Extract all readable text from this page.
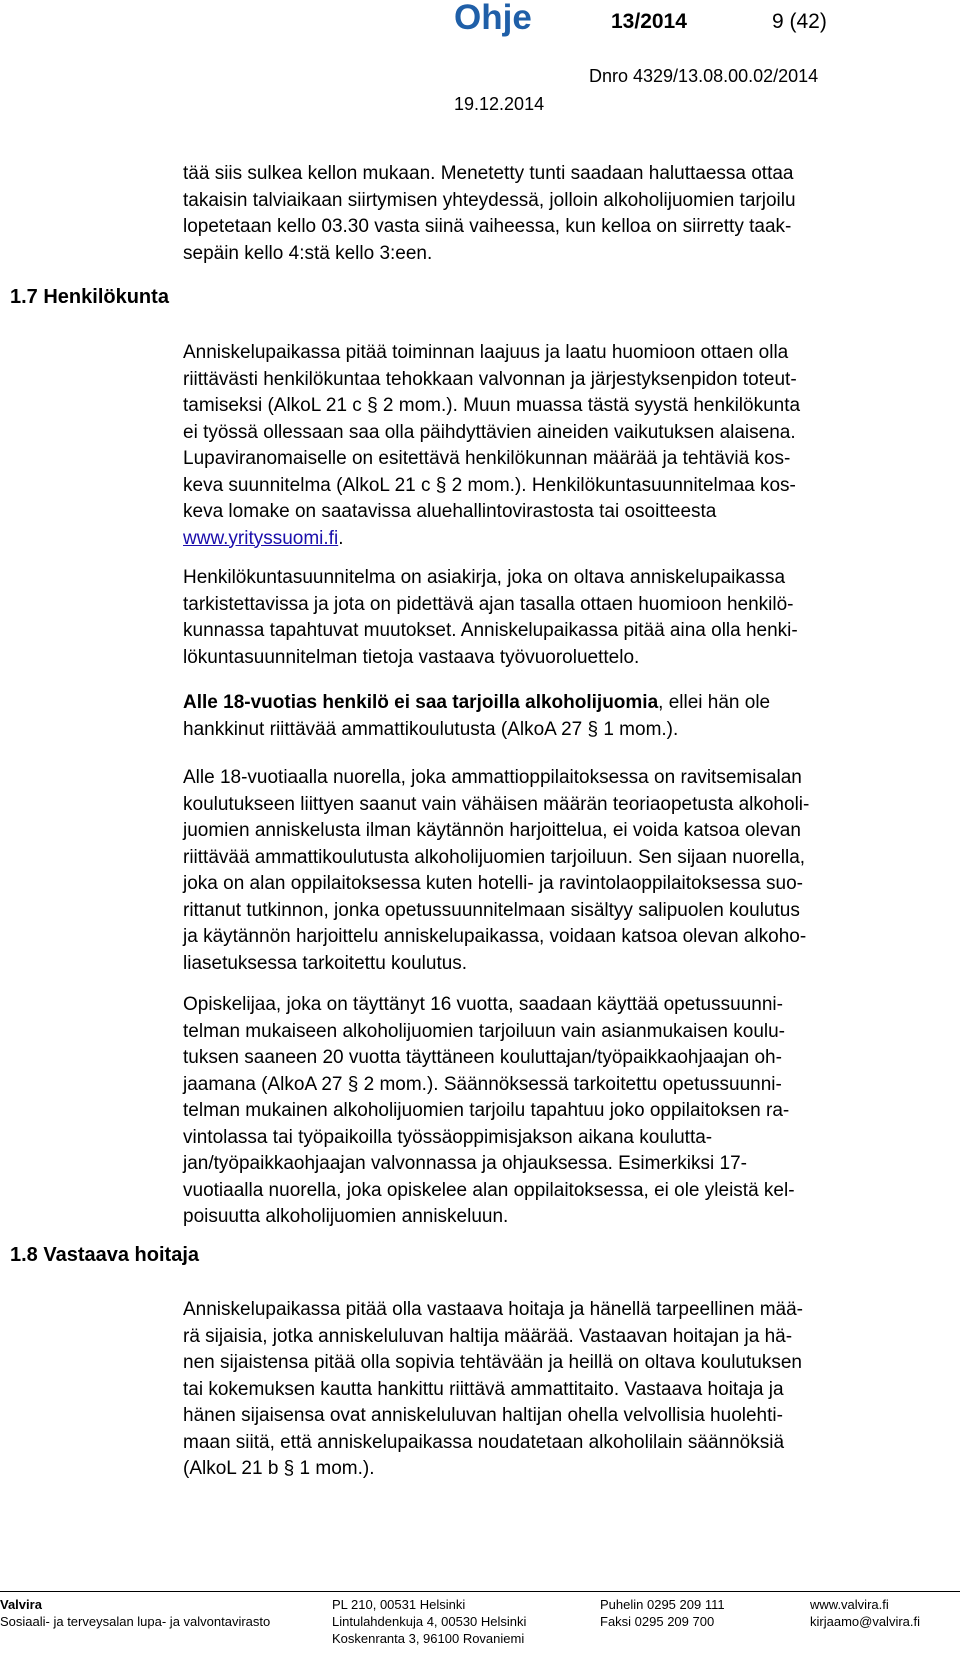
Ohje	13/2014	9 (42)
Dnro 4329/13.08.00.02/2014
19.12.2014

tää siis sulkea kellon mukaan. Menetetty tunti saadaan haluttaessa ottaa

takaisin talviaikaan siirtymisen yhteydessä, jolloin alkoholijuomien tarjoilu

lopetetaan kello 03.30 vasta siinä vaiheessa, kun kelloa on siirretty taak-

sepäin kello 4:stä kello 3:een.

1.7 Henkilökunta

Anniskelupaikassa pitää toiminnan laajuus ja laatu huomioon ottaen olla

riittävästi henkilökuntaa tehokkaan valvonnan ja järjestyksenpidon toteut-

tamiseksi (AlkoL 21 c § 2 mom.). Muun muassa tästä syystä henkilökunta

ei työssä ollessaan saa olla päihdyttävien aineiden vaikutuksen alaisena.

Lupaviranomaiselle on esitettävä henkilökunnan määrää ja tehtäviä kos-

keva suunnitelma (AlkoL 21 c § 2 mom.). Henkilökuntasuunnitelmaa kos-

keva lomake on saatavissa aluehallintovirastosta tai osoitteesta

www.yrityssuomi.fi.

Henkilökuntasuunnitelma on asiakirja, joka on oltava anniskelupaikassa

tarkistettavissa ja jota on pidettävä ajan tasalla ottaen huomioon henkilö-

kunnassa tapahtuvat muutokset. Anniskelupaikassa pitää aina olla henki-

lökuntasuunnitelman tietoja vastaava työvuoroluettelo.

Alle 18-vuotias henkilö ei saa tarjoilla alkoholijuomia, ellei hän ole

hankkinut riittävää ammattikoulutusta (AlkoA 27 § 1 mom.).

Alle 18-vuotiaalla nuorella, joka ammattioppilaitoksessa on ravitsemisalan

koulutukseen liittyen saanut vain vähäisen määrän teoriaopetusta alkoholi-

juomien anniskelusta ilman käytännön harjoittelua, ei voida katsoa olevan

riittävää ammattikoulutusta alkoholijuomien tarjoiluun. Sen sijaan nuorella,

joka on alan oppilaitoksessa kuten hotelli- ja ravintolaoppilaitoksessa suo-

rittanut tutkinnon, jonka opetussuunnitelmaan sisältyy salipuolen koulutus

ja käytännön harjoittelu anniskelupaikassa, voidaan katsoa olevan alkoho-

liasetuksessa tarkoitettu koulutus.

Opiskelijaa, joka on täyttänyt 16 vuotta, saadaan käyttää opetussuunni-

telman mukaiseen alkoholijuomien tarjoiluun vain asianmukaisen koulu-

tuksen saaneen 20 vuotta täyttäneen kouluttajan/työpaikkaohjaajan oh-

jaamana (AlkoA 27 § 2 mom.). Säännöksessä tarkoitettu opetussuunni-

telman mukainen alkoholijuomien tarjoilu tapahtuu joko oppilaitoksen ra-

vintolassa tai työpaikoilla työssäoppimisjakson aikana koulutta-

jan/työpaikkaohjaajan valvonnassa ja ohjauksessa. Esimerkiksi 17-

vuotiaalla nuorella, joka opiskelee alan oppilaitoksessa, ei ole yleistä kel-

poisuutta alkoholijuomien anniskeluun.

1.8 Vastaava hoitaja

Anniskelupaikassa pitää olla vastaava hoitaja ja hänellä tarpeellinen mää-

rä sijaisia, jotka anniskeluluvan haltija määrää. Vastaavan hoitajan ja hä-

nen sijaistensa pitää olla sopivia tehtävään ja heillä on oltava koulutuksen

tai kokemuksen kautta hankittu riittävä ammattitaito. Vastaava hoitaja ja

hänen sijaisensa ovat anniskeluluvan haltijan ohella velvollisia huolehti-

maan siitä, että anniskelupaikassa noudatetaan alkoholilain säännöksiä

(AlkoL 21 b § 1 mom.).

Valvira
Sosiaali- ja terveysalan lupa- ja valvontavirasto
PL 210, 00531 Helsinki
Lintulahdenkuja 4, 00530 Helsinki
Koskenranta 3, 96100 Rovaniemi
Puhelin 0295 209 111
Faksi 0295 209 700
www.valvira.fi
kirjaamo@valvira.fi
